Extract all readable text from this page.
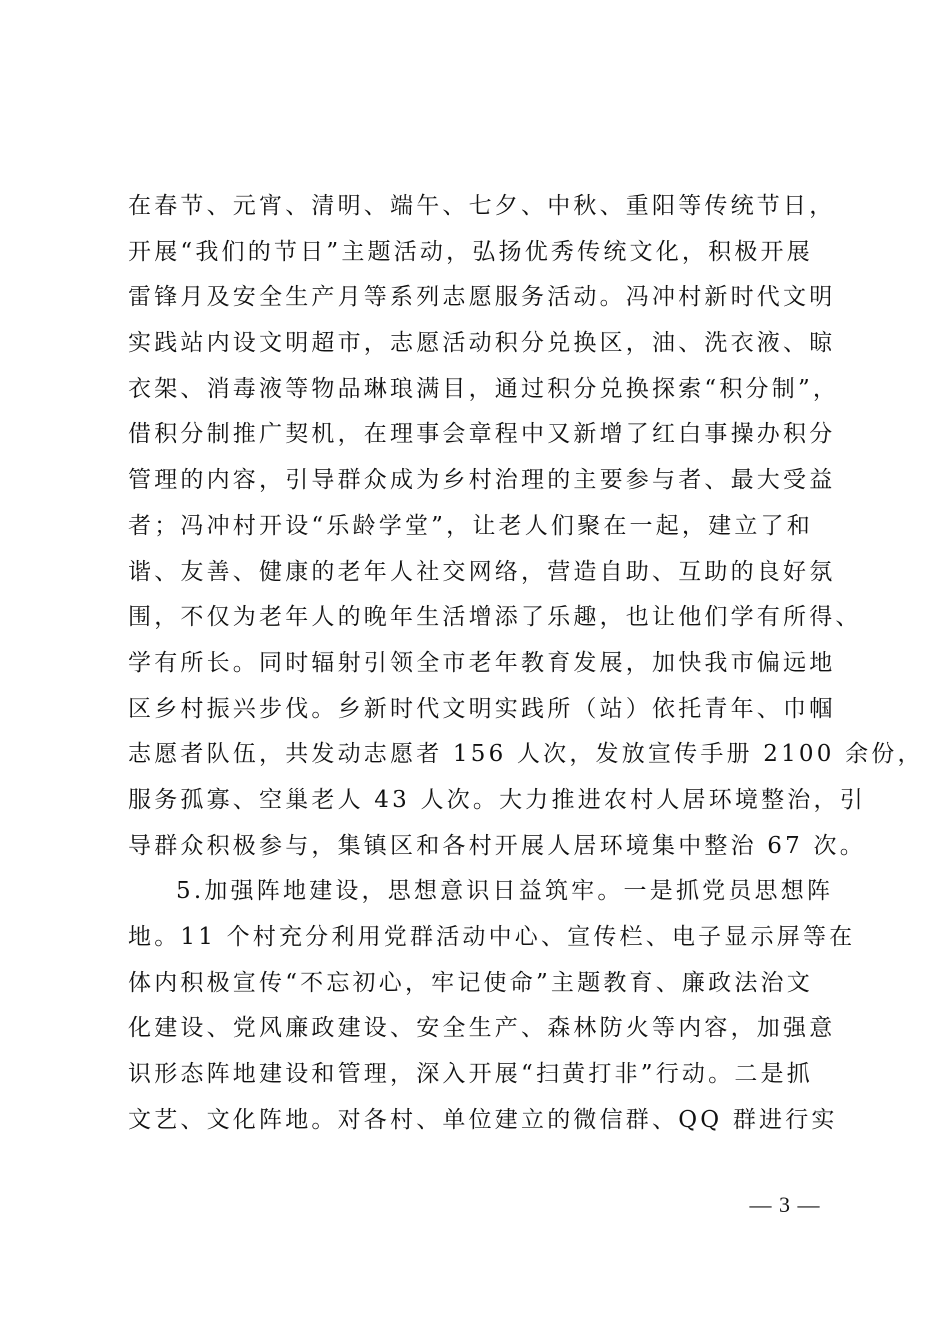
在春节、元宵、清明、端午、七夕、中秋、重阳等传统节日，
开展“我们的节日”主题活动，弘扬优秀传统文化，积极开展
雷锋月及安全生产月等系列志愿服务活动。冯冲村新时代文明
实践站内设文明超市，志愿活动积分兑换区，油、洗衣液、晾
衣架、消毒液等物品琳琅满目，通过积分兑换探索“积分制”，
借积分制推广契机，在理事会章程中又新增了红白事操办积分
管理的内容，引导群众成为乡村治理的主要参与者、最大受益
者；冯冲村开设“乐龄学堂”，让老人们聚在一起，建立了和
谐、友善、健康的老年人社交网络，营造自助、互助的良好氛
围，不仅为老年人的晚年生活增添了乐趣，也让他们学有所得、
学有所长。同时辐射引领全市老年教育发展，加快我市偏远地
区乡村振兴步伐。乡新时代文明实践所（站）依托青年、巾帼
志愿者队伍，共发动志愿者 156 人次，发放宣传手册 2100 余份，
服务孤寡、空巢老人 43 人次。大力推进农村人居环境整治，引
导群众积极参与，集镇区和各村开展人居环境集中整治 67 次。
5.加强阵地建设，思想意识日益筑牢。一是抓党员思想阵
地。11 个村充分利用党群活动中心、宣传栏、电子显示屏等在
体内积极宣传“不忘初心，牢记使命”主题教育、廉政法治文
化建设、党风廉政建设、安全生产、森林防火等内容，加强意
识形态阵地建设和管理，深入开展“扫黄打非”行动。二是抓
文艺、文化阵地。对各村、单位建立的微信群、QQ 群进行实
— 3 —
